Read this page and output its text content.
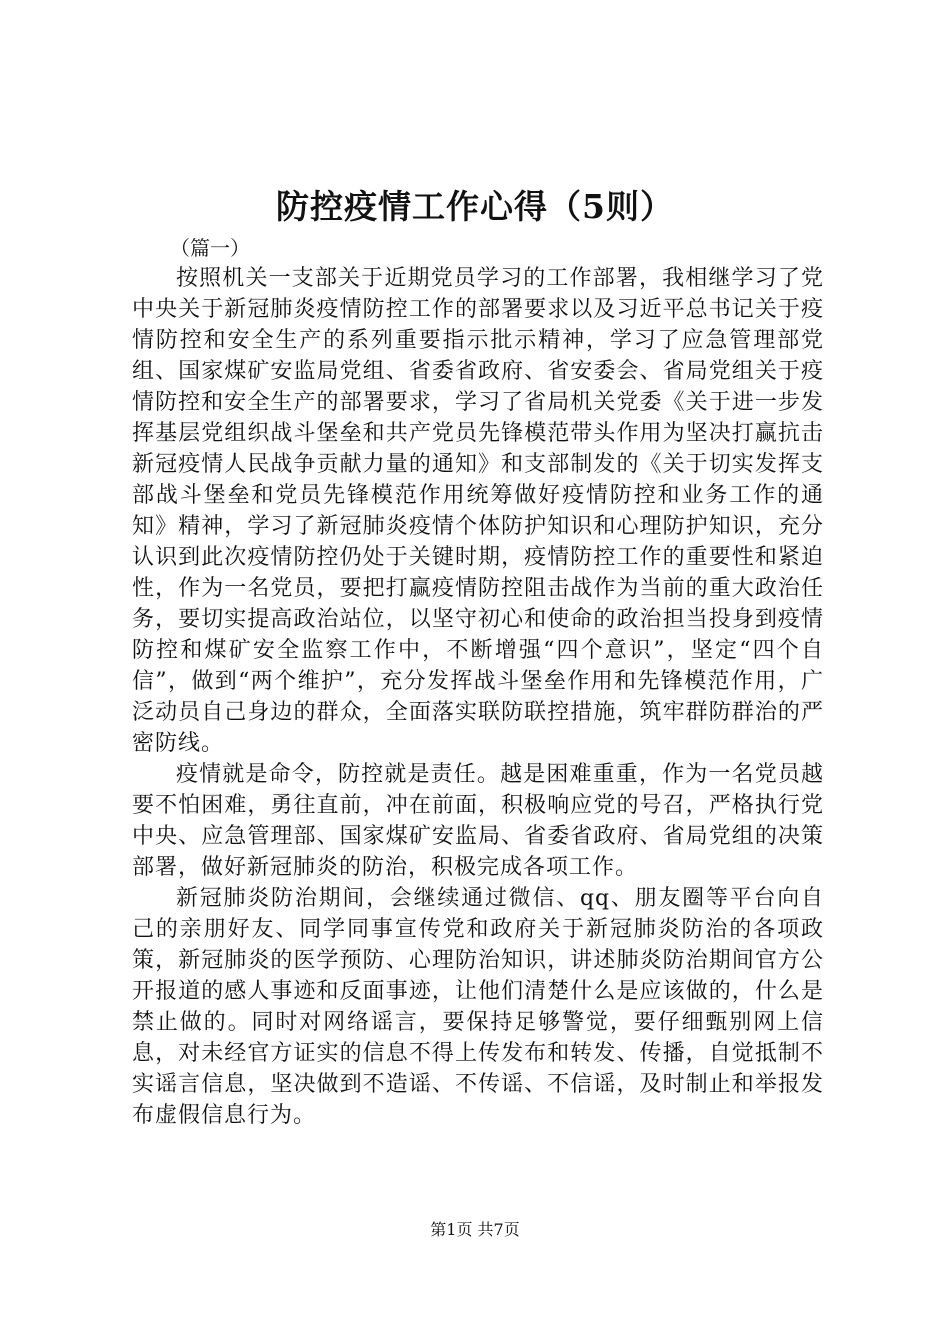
防控疫情工作心得（5则）

（篇一）

按照机关一支部关于近期党员学习的工作部署，我相继学习了党中央关于新冠肺炎疫情防控工作的部署要求以及习近平总书记关于疫情防控和安全生产的系列重要指示批示精神，学习了应急管理部党组、国家煤矿安监局党组、省委省政府、省安委会、省局党组关于疫情防控和安全生产的部署要求，学习了省局机关党委《关于进一步发挥基层党组织战斗堡垒和共产党员先锋模范带头作用为坚决打赢抗击新冠疫情人民战争贡献力量的通知》和支部制发的《关于切实发挥支部战斗堡垒和党员先锋模范作用统筹做好疫情防控和业务工作的通知》精神，学习了新冠肺炎疫情个体防护知识和心理防护知识，充分认识到此次疫情防控仍处于关键时期，疫情防控工作的重要性和紧迫性，作为一名党员，要把打赢疫情防控阻击战作为当前的重大政治任务，要切实提高政治站位，以坚守初心和使命的政治担当投身到疫情防控和煤矿安全监察工作中，不断增强“四个意识”，坚定“四个自信”，做到“两个维护”，充分发挥战斗堡垒作用和先锋模范作用，广泛动员自己身边的群众，全面落实联防联控措施，筑牢群防群治的严密防线。

疫情就是命令，防控就是责任。越是困难重重，作为一名党员越要不怕困难，勇往直前，冲在前面，积极响应党的号召，严格执行党中央、应急管理部、国家煤矿安监局、省委省政府、省局党组的决策部署，做好新冠肺炎的防治，积极完成各项工作。

新冠肺炎防治期间，会继续通过微信、qq、朋友圈等平台向自己的亲朋好友、同学同事宣传党和政府关于新冠肺炎防治的各项政策，新冠肺炎的医学预防、心理防治知识，讲述肺炎防治期间官方公开报道的感人事迹和反面事迹，让他们清楚什么是应该做的，什么是禁止做的。同时对网络谣言，要保持足够警觉，要仔细甄别网上信息，对未经官方证实的信息不得上传发布和转发、传播，自觉抵制不实谣言信息，坚决做到不造谣、不传谣、不信谣，及时制止和举报发布虚假信息行为。

第1页 共7页
